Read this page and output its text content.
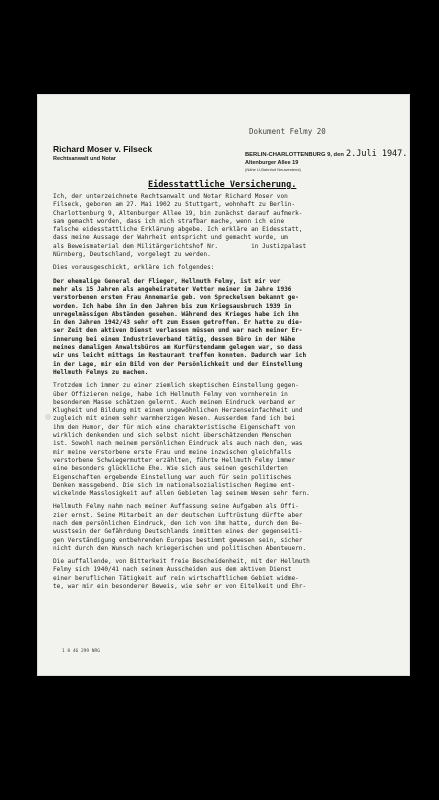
Dokument Felmy 20
Richard Moser v. Filseck
Rechtsanwalt und Notar
BERLIN-CHARLOTTENBURG 9, den 2.Juli 1947.
Altenburger Allee 19
(Nähe U-Bahnhof Neuwestend)
Eidesstattliche Versicherung.

Ich, der unterzeichnete Rechtsanwalt und Notar Richard Moser von

Filseck, geboren am 27. Mai 1902 zu Stuttgart, wohnhaft zu Berlin-

Charlottenburg 9, Altenburger Allee 19, bin zunächst darauf aufmerk-

sam gemacht worden, dass ich mich strafbar mache, wenn ich eine

falsche eidesstattliche Erklärung abgebe. Ich erkläre an Eidesstatt,

dass meine Aussage der Wahrheit entspricht und gemacht wurde, um

als Beweismaterial dem Militärgerichtshof Nr.         in Justizpalast

Nürnberg, Deutschland, vorgelegt zu werden.

Dies vorausgeschickt, erkläre ich folgendes:

Der ehemalige General der Flieger, Hellmuth Felmy, ist mir vor

mehr als 15 Jahren als angeheirateter Vetter meiner im Jahre 1936

verstorbenen ersten Frau Annemarie geb. von Spreckelsen bekannt ge-

worden. Ich habe ihn in den Jahren bis zum Kriegsausbruch 1939 in

unregelmässigen Abständen gesehen. Während des Krieges habe ich ihn

in den Jahren 1942/43 sehr oft zum Essen getroffen. Er hatte zu die-

ser Zeit den aktiven Dienst verlassen müssen und war nach meiner Er-

innerung bei einem Industrieverband tätig, dessen Büro in der Nähe

meines damaligen Anwaltsbüros am Kurfürstendamm gelegen war, so dass

wir uns leicht mittags im Restaurant treffen konnten. Dadurch war ich

in der Lage, mir ein Bild von der Persönlichkeit und der Einstellung

Hellmuth Felmys zu machen.

Trotzdem ich immer zu einer ziemlich skeptischen Einstellung gegen-

über Offizieren neige, habe ich Hellmuth Felmy von vornherein in

besonderem Masse schätzen gelernt. Auch meinem Eindruck verband er

Klugheit und Bildung mit einem ungewöhnlichen Herzenseinfachheit und

zugleich mit einem sehr warmherzigen Wesen. Ausserdem fand ich bei

ihm den Humor, der für mich eine charakteristische Eigenschaft von

wirklich denkenden und sich selbst nicht überschätzenden Menschen

ist. Sowohl nach meinem persönlichen Eindruck als auch nach den, was

mir meine verstorbene erste Frau und meine inzwischen gleichfalls

verstorbene Schwiegermutter erzählten, führte Hellmuth Felmy immer

eine besonders glückliche Ehe. Wie sich aus seinen geschilderten

Eigenschaften ergebende Einstellung war auch für sein politisches

Denken massgebend. Die sich im nationalsozialistischen Regime ent-

wickelnde Masslosigkeit auf allen Gebieten lag seinem Wesen sehr fern.

Hellmuth Felmy nahm nach meiner Auffassung seine Aufgaben als Offi-

zier ernst. Seine Mitarbeit an der deutschen Luftrüstung dürfte aber

nach dem persönlichen Eindruck, den ich von ihm hatte, durch den Be-

wusstsein der Gefährdung Deutschlands inmitten eines der gegenseiti-

gen Verständigung entbehrenden Europas bestimmt gewesen sein, sicher

nicht durch den Wunsch nach kriegerischen und politischen Abenteuern.

Die auffallende, von Bitterkeit freie Bescheidenheit, mit der Hellmuth

Felmy sich 1940/41 nach seinem Ausscheiden aus dem aktiven Dienst

einer beruflichen Tätigkeit auf rein wirtschaftlichem Gebiet widme-

te, war mir ein besonderer Beweis, wie sehr er von Eitelkeit und Ehr-

1 8 46 299 NRG
